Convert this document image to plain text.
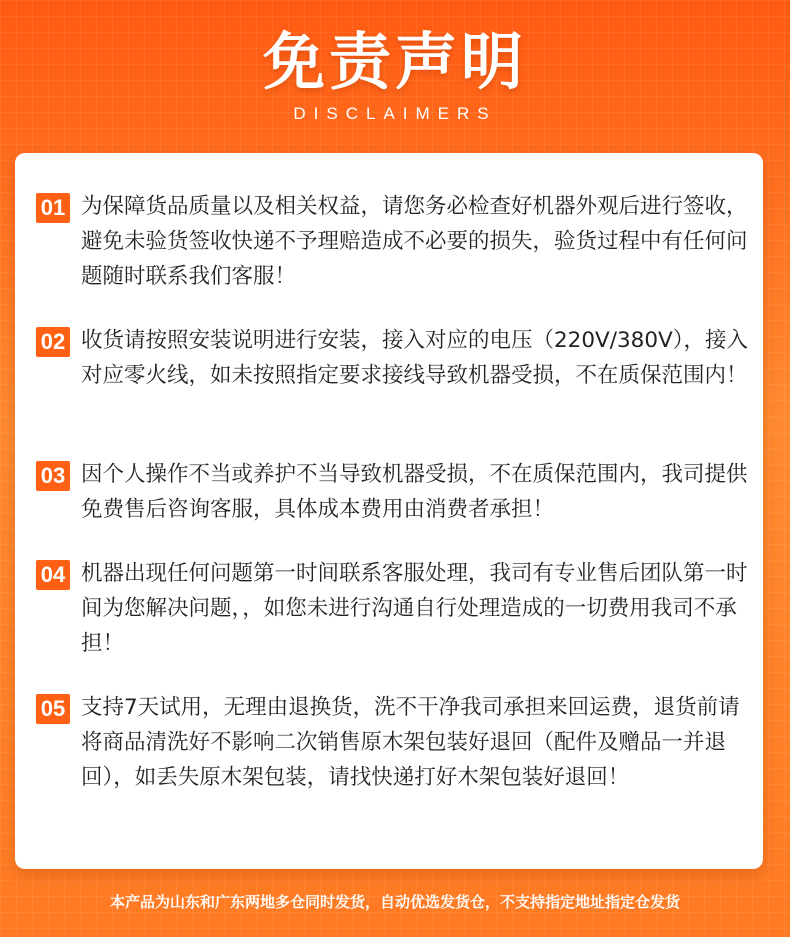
免责声明
DISCLAIMERS
01 为保障货品质量以及相关权益，请您务必检查好机器外观后进行签收，避免未验货签收快递不予理赔造成不必要的损失，验货过程中有任何问题随时联系我们客服！
02 收货请按照安装说明进行安装，接入对应的电压（220V/380V），接入对应零火线，如未按照指定要求接线导致机器受损，不在质保范围内！
03 因个人操作不当或养护不当导致机器受损，不在质保范围内，我司提供免费售后咨询客服，具体成本费用由消费者承担！
04 机器出现任何问题第一时间联系客服处理，我司有专业售后团队第一时间为您解决问题，，如您未进行沟通自行处理造成的一切费用我司不承担！
05 支持7天试用，无理由退换货，洗不干净我司承担来回运费，退货前请将商品清洗好不影响二次销售原木架包装好退回（配件及赠品一并退回），如丢失原木架包装，请找快递打好木架包装好退回！
本产品为山东和广东两地多仓同时发货，自动优选发货仓，不支持指定地址指定仓发货
